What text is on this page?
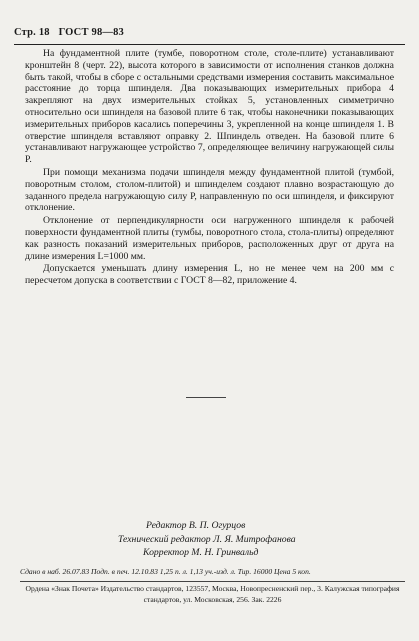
Стр. 18 ГОСТ 98—83

На фундаментной плите (тумбе, поворотном столе, столе-плите) устанавливают кронштейн 8 (черт. 22), высота которого в зависимости от исполнения станков должна быть такой, чтобы в сборе с остальными средствами измерения составить максимальное расстояние до торца шпинделя. Два показывающих измерительных прибора 4 закрепляют на двух измерительных стойках 5, установленных симметрично относительно оси шпинделя на базовой плите 6 так, чтобы наконечники показывающих измерительных приборов касались поперечины 3, укрепленной на конце шпинделя 1. В отверстие шпинделя вставляют оправку 2. Шпиндель отведен. На базовой плите 6 устанавливают нагружающее устройство 7, определяющее величину нагружающей силы P.

При помощи механизма подачи шпинделя между фундаментной плитой (тумбой, поворотным столом, столом-плитой) и шпинделем создают плавно возрастающую до заданного предела нагружающую силу P, направленную по оси шпинделя, и фиксируют отклонение.

Отклонение от перпендикулярности оси нагруженного шпинделя к рабочей поверхности фундаментной плиты (тумбы, поворотного стола, стола-плиты) определяют как разность показаний измерительных приборов, расположенных друг от друга на длине измерения L=1000 мм.

Допускается уменьшать длину измерения L, но не менее чем на 200 мм с пересчетом допуска в соответствии с ГОСТ 8—82, приложение 4.

Редактор В. П. Огурцов
Технический редактор Л. Я. Митрофанова
Корректор М. Н. Гринвальд
Сдано в наб. 26.07.83 Подп. в печ. 12.10.83 1,25 п. л. 1,13 уч.-изд. л. Тир. 16000 Цена 5 коп.
Ордена «Знак Почета» Издательство стандартов, 123557, Москва, Новопресненский пер., 3. Калужская типография стандартов, ул. Московская, 256. Зак. 2226
